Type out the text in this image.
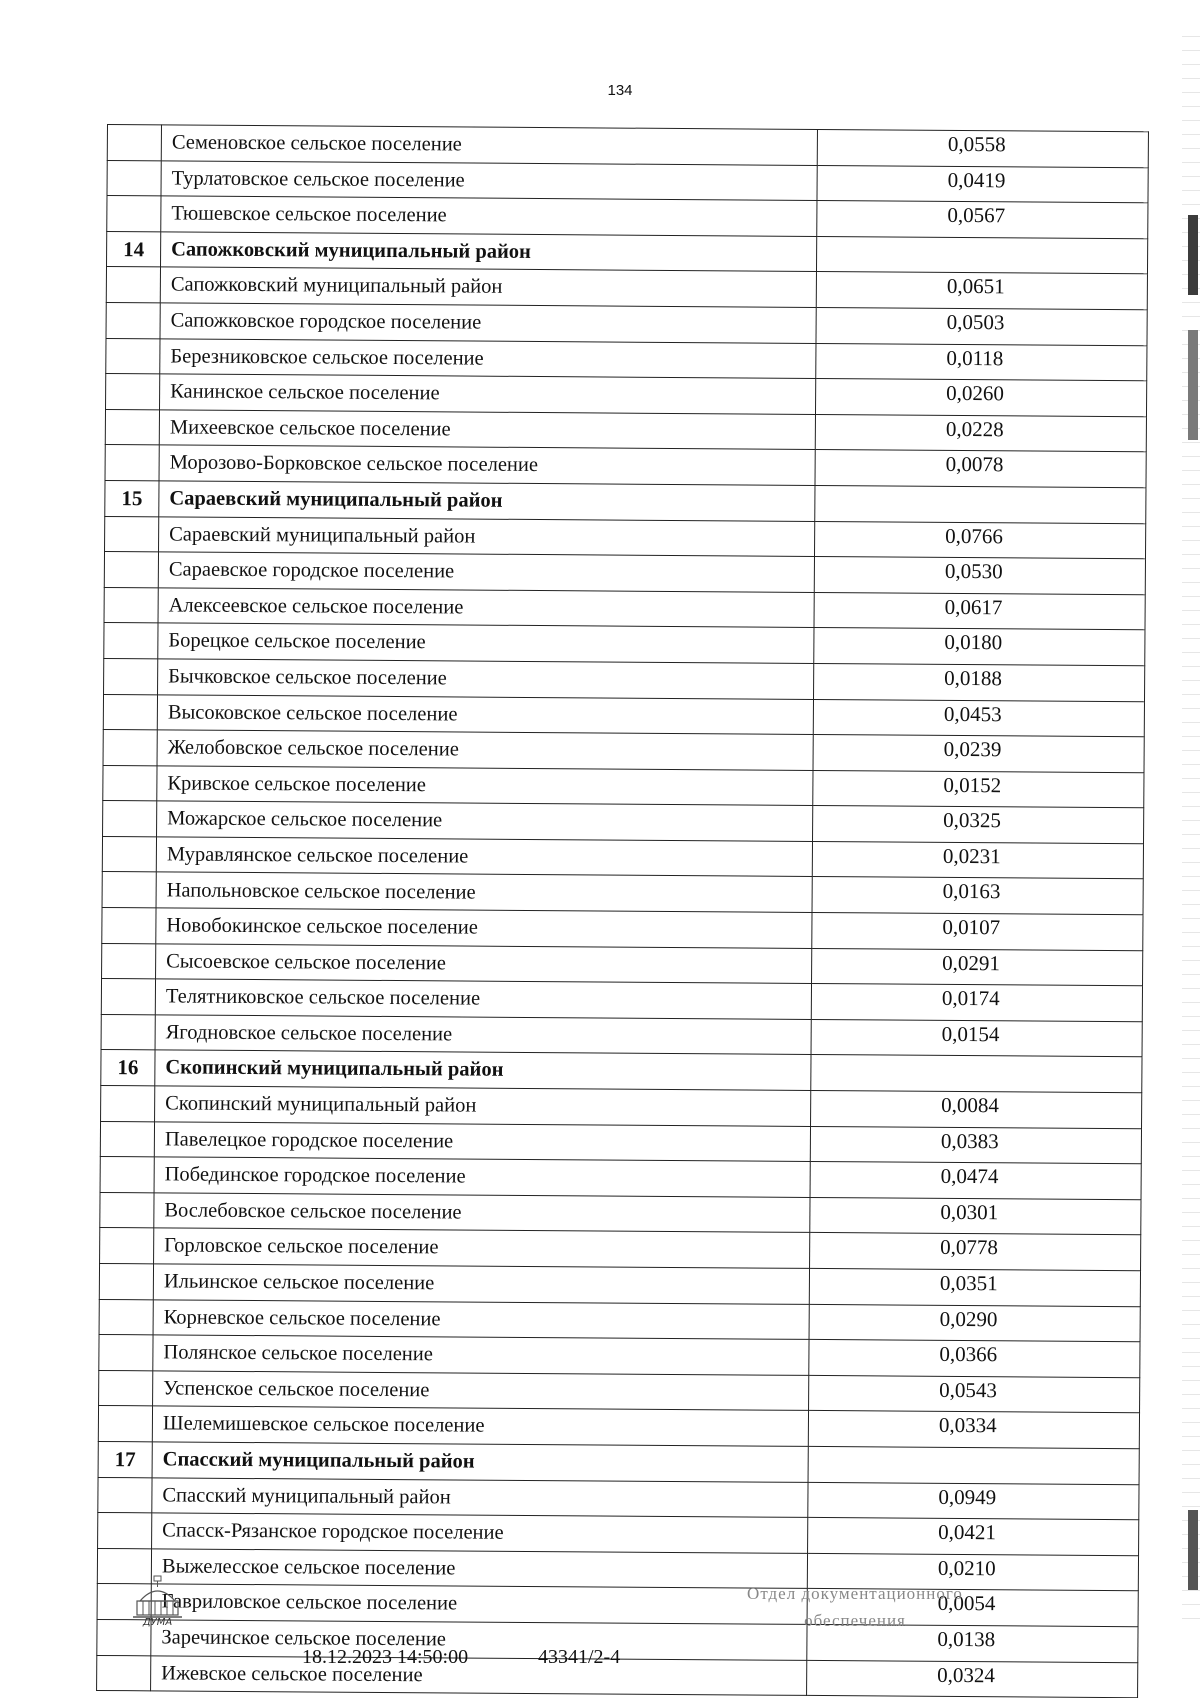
134
	Семеновское сельское поселение	0,0558
	Турлатовское сельское поселение	0,0419
	Тюшевское сельское поселение	0,0567
14	Сапожковский муниципальный район	
	Сапожковский муниципальный район	0,0651
	Сапожковское городское поселение	0,0503
	Березниковское сельское поселение	0,0118
	Канинское сельское поселение	0,0260
	Михеевское сельское поселение	0,0228
	Морозово-Борковское сельское поселение	0,0078
15	Сараевский муниципальный район	
	Сараевский муниципальный район	0,0766
	Сараевское городское поселение	0,0530
	Алексеевское сельское поселение	0,0617
	Борецкое сельское поселение	0,0180
	Бычковское сельское поселение	0,0188
	Высоковское сельское поселение	0,0453
	Желобовское сельское поселение	0,0239
	Кривское сельское поселение	0,0152
	Можарское сельское поселение	0,0325
	Муравлянское сельское поселение	0,0231
	Напольновское сельское поселение	0,0163
	Новобокинское сельское поселение	0,0107
	Сысоевское сельское поселение	0,0291
	Телятниковское сельское поселение	0,0174
	Ягодновское сельское поселение	0,0154
16	Скопинский муниципальный район	
	Скопинский муниципальный район	0,0084
	Павелецкое городское поселение	0,0383
	Побединское городское поселение	0,0474
	Вослебовское сельское поселение	0,0301
	Горловское сельское поселение	0,0778
	Ильинское сельское поселение	0,0351
	Корневское сельское поселение	0,0290
	Полянское сельское поселение	0,0366
	Успенское сельское поселение	0,0543
	Шелемишевское сельское поселение	0,0334
17	Спасский муниципальный район	
	Спасский муниципальный район	0,0949
	Спасск-Рязанское городское поселение	0,0421
	Выжелесское сельское поселение	0,0210
	Гавриловское сельское поселение	0,0054
	Заречинское сельское поселение	0,0138
	Ижевское сельское поселение	0,0324
ДУМА
18.12.2023 14:50:00	43341/2-4
Отдел документационного
обеспечения
